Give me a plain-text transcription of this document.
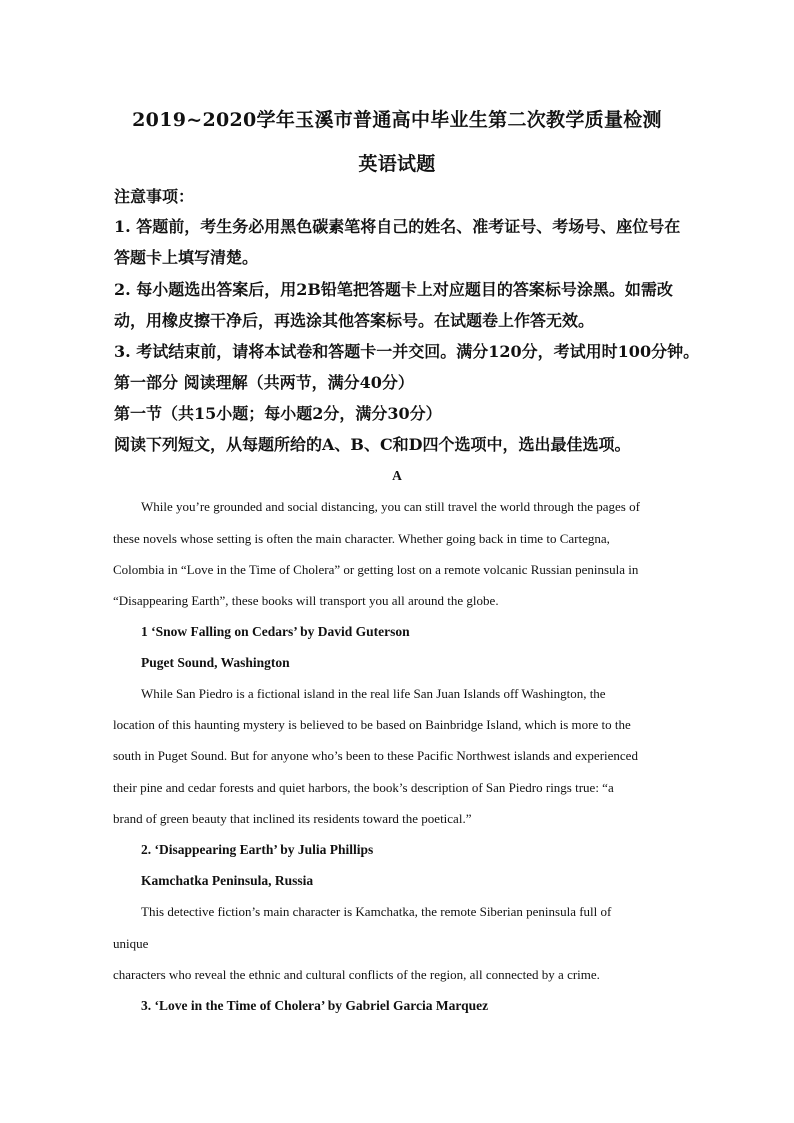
2019~2020学年玉溪市普通高中毕业生第二次教学质量检测
英语试题
注意事项：
1. 答题前，考生务必用黑色碳素笔将自己的姓名、准考证号、考场号、座位号在
答题卡上填写清楚。
2. 每小题选出答案后，用2B铅笔把答题卡上对应题目的答案标号涂黑。如需改
动，用橡皮擦干净后，再选涂其他答案标号。在试题卷上作答无效。
3. 考试结束前，请将本试卷和答题卡一并交回。满分120分，考试用时100分钟。
第一部分 阅读理解（共两节，满分40分）
第一节（共15小题；每小题2分，满分30分）
阅读下列短文，从每题所给的A、B、C和D四个选项中，选出最佳选项。
A
While you’re grounded and social distancing, you can still travel the world through the pages of
these novels whose setting is often the main character. Whether going back in time to Cartegna,
Colombia in “Love in the Time of Cholera” or getting lost on a remote volcanic Russian peninsula in
“Disappearing Earth”, these books will transport you all around the globe.
1 ‘Snow Falling on Cedars’ by David Guterson
Puget Sound, Washington
While San Piedro is a fictional island in the real life San Juan Islands off Washington, the
location of this haunting mystery is believed to be based on Bainbridge Island, which is more to the
south in Puget Sound. But for anyone who’s been to these Pacific Northwest islands and experienced
their pine and cedar forests and quiet harbors, the book’s description of San Piedro rings true: “a
brand of green beauty that inclined its residents toward the poetical.”
2. ‘Disappearing Earth’ by Julia Phillips
Kamchatka Peninsula, Russia
This detective fiction’s main character is Kamchatka, the remote Siberian peninsula full of
unique
characters who reveal the ethnic and cultural conflicts of the region, all connected by a crime.
3. ‘Love in the Time of Cholera’ by Gabriel Garcia Marquez
